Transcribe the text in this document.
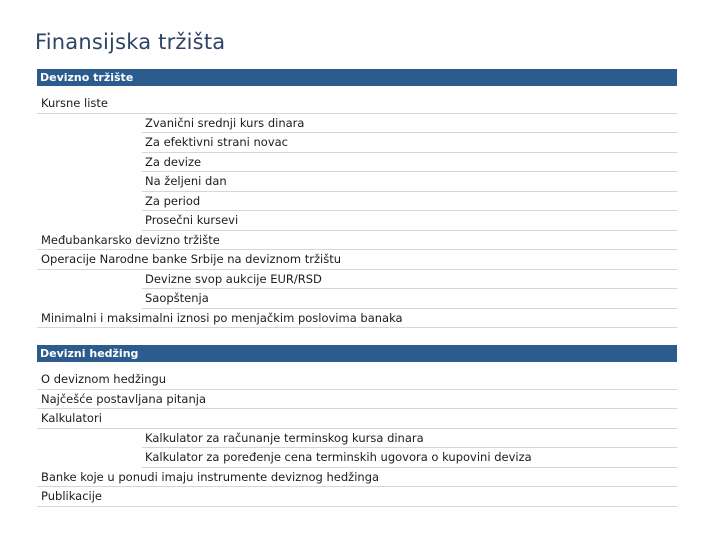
Finansijska tržišta
Devizno tržište
Kursne liste
Zvanični srednji kurs dinara
Za efektivni strani novac
Za devize
Na željeni dan
Za period
Prosečni kursevi
Međubankarsko devizno tržište
Operacije Narodne banke Srbije na deviznom tržištu
Devizne svop aukcije EUR/RSD
Saopštenja
Minimalni i maksimalni iznosi po menjačkim poslovima banaka
Devizni hedžing
O deviznom hedžingu
Najčešće postavljana pitanja
Kalkulatori
Kalkulator za računanje terminskog kursa dinara
Kalkulator za poređenje cena terminskih ugovora o kupovini deviza
Banke koje u ponudi imaju instrumente deviznog hedžinga
Publikacije
